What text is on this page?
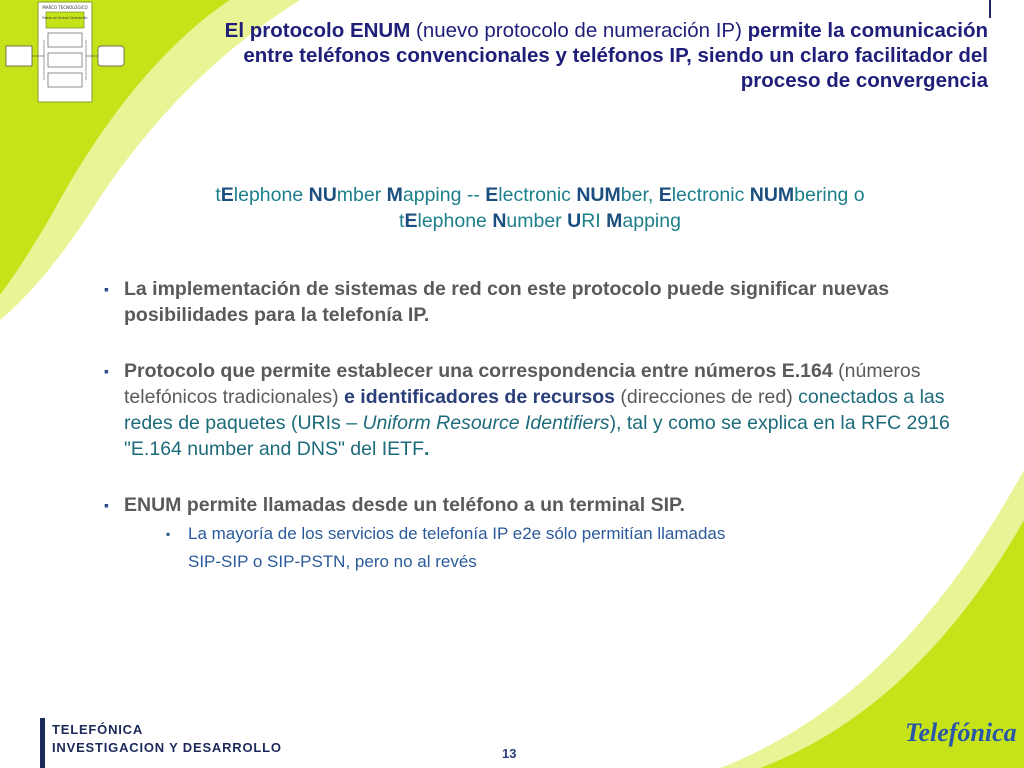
MARCO TECNOLÓGICO
Redes de Nueva Generación
El protocolo ENUM (nuevo protocolo de numeración IP) permite la comunicación entre teléfonos convencionales y teléfonos IP, siendo un claro facilitador del proceso de convergencia
tElephone NUmber Mapping -- Electronic NUMber, Electronic NUMbering o
tElephone Number URI Mapping
▪ La implementación de sistemas de red con este protocolo puede significar nuevas posibilidades para la telefonía IP.
▪ Protocolo que permite establecer una correspondencia entre números E.164 (números telefónicos tradicionales) e identificadores de recursos (direcciones de red) conectados a las redes de paquetes (URIs – Uniform Resource Identifiers), tal y como se explica en la RFC 2916 "E.164 number and DNS" del IETF.
▪ ENUM permite llamadas desde un teléfono a un terminal SIP.
▪ La mayoría de los servicios de telefonía IP e2e sólo permitían llamadas
SIP-SIP o SIP-PSTN, pero no al revés
TELEFÓNICA
INVESTIGACION Y DESARROLLO	13
Telefónica
